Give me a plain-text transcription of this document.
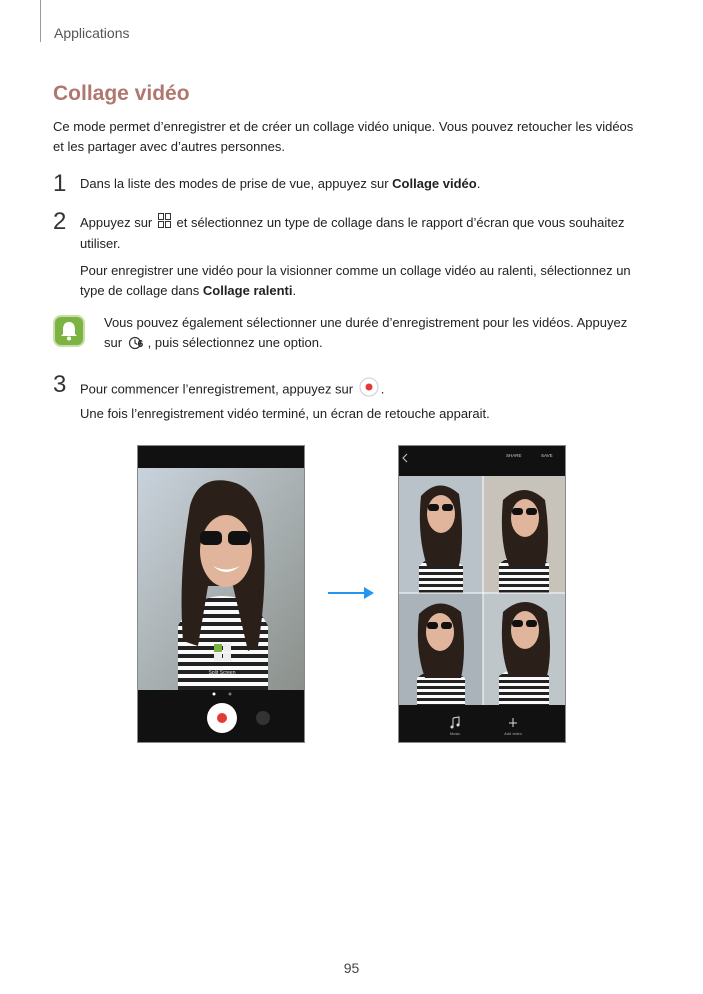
Applications
Collage vidéo
Ce mode permet d’enregistrer et de créer un collage vidéo unique. Vous pouvez retoucher les vidéos
et les partager avec d’autres personnes.
1 Dans la liste des modes de prise de vue, appuyez sur Collage vidéo.
2 Appuyez sur  et sélectionnez un type de collage dans le rapport d’écran que vous souhaitez
utiliser.
Pour enregistrer une vidéo pour la visionner comme un collage vidéo au ralenti, sélectionnez un
type de collage dans Collage ralenti.
Vous pouvez également sélectionner une durée d’enregistrement pour les vidéos. Appuyez
sur 6 , puis sélectionnez une option.
3 Pour commencer l’enregistrement, appuyez sur .
Une fois l’enregistrement vidéo terminé, un écran de retouche apparait.
Split Screen
SHARE	SAVE
Music	Add video
95
